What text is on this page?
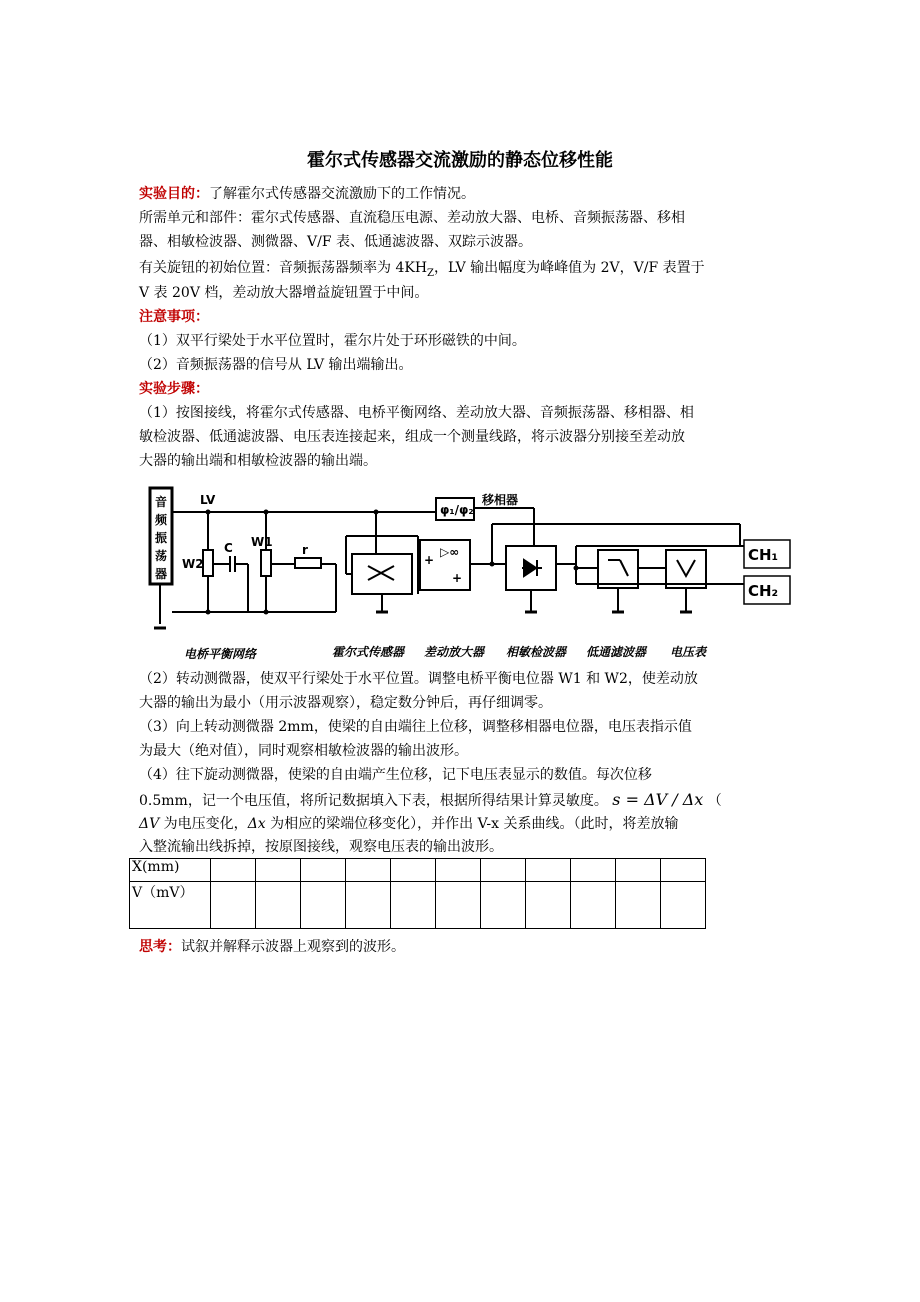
霍尔式传感器交流激励的静态位移性能
实验目的：了解霍尔式传感器交流激励下的工作情况。
所需单元和部件：霍尔式传感器、直流稳压电源、差动放大器、电桥、音频振荡器、移相
器、相敏检波器、测微器、V/F 表、低通滤波器、双踪示波器。
有关旋钮的初始位置：音频振荡器频率为 $4KH_Z$，LV 输出幅度为峰峰值为 2V，V/F 表置于
V 表 20V 档，差动放大器增益旋钮置于中间。
注意事项：
（1）双平行梁处于水平位置时，霍尔片处于环形磁铁的中间。
（2）音频振荡器的信号从 LV 输出端输出。
实验步骤：
（1）按图接线，将霍尔式传感器、电桥平衡网络、差动放大器、音频振荡器、移相器、相
敏检波器、低通滤波器、电压表连接起来，组成一个测量线路，将示波器分别接至差动放
大器的输出端和相敏检波器的输出端。
音
频
振
荡
器
LV
W2
C W1
r
φ₁/φ₂
移相器
▷∞
+
+
CH₁
CH₂
电桥平衡网络	霍尔式传感器 差动放大器 相敏检波器 低通滤波器 电压表
（2）转动测微器，使双平行梁处于水平位置。调整电桥平衡电位器 W1 和 W2，使差动放
大器的输出为最小（用示波器观察），稳定数分钟后，再仔细调零。
（3）向上转动测微器 2mm，使梁的自由端往上位移，调整移相器电位器，电压表指示值
为最大（绝对值），同时观察相敏检波器的输出波形。
（4）往下旋动测微器，使梁的自由端产生位移，记下电压表显示的数值。每次位移
0.5mm，记一个电压值，将所记数据填入下表，根据所得结果计算灵敏度。 s = ΔV / Δx （
ΔV 为电压变化，Δx 为相应的梁端位移变化），并作出 V-x 关系曲线。（此时，将差放输
入整流输出线拆掉，按原图接线，观察电压表的输出波形。
X(mm)											
V（mV）											
思考：试叙并解释示波器上观察到的波形。
